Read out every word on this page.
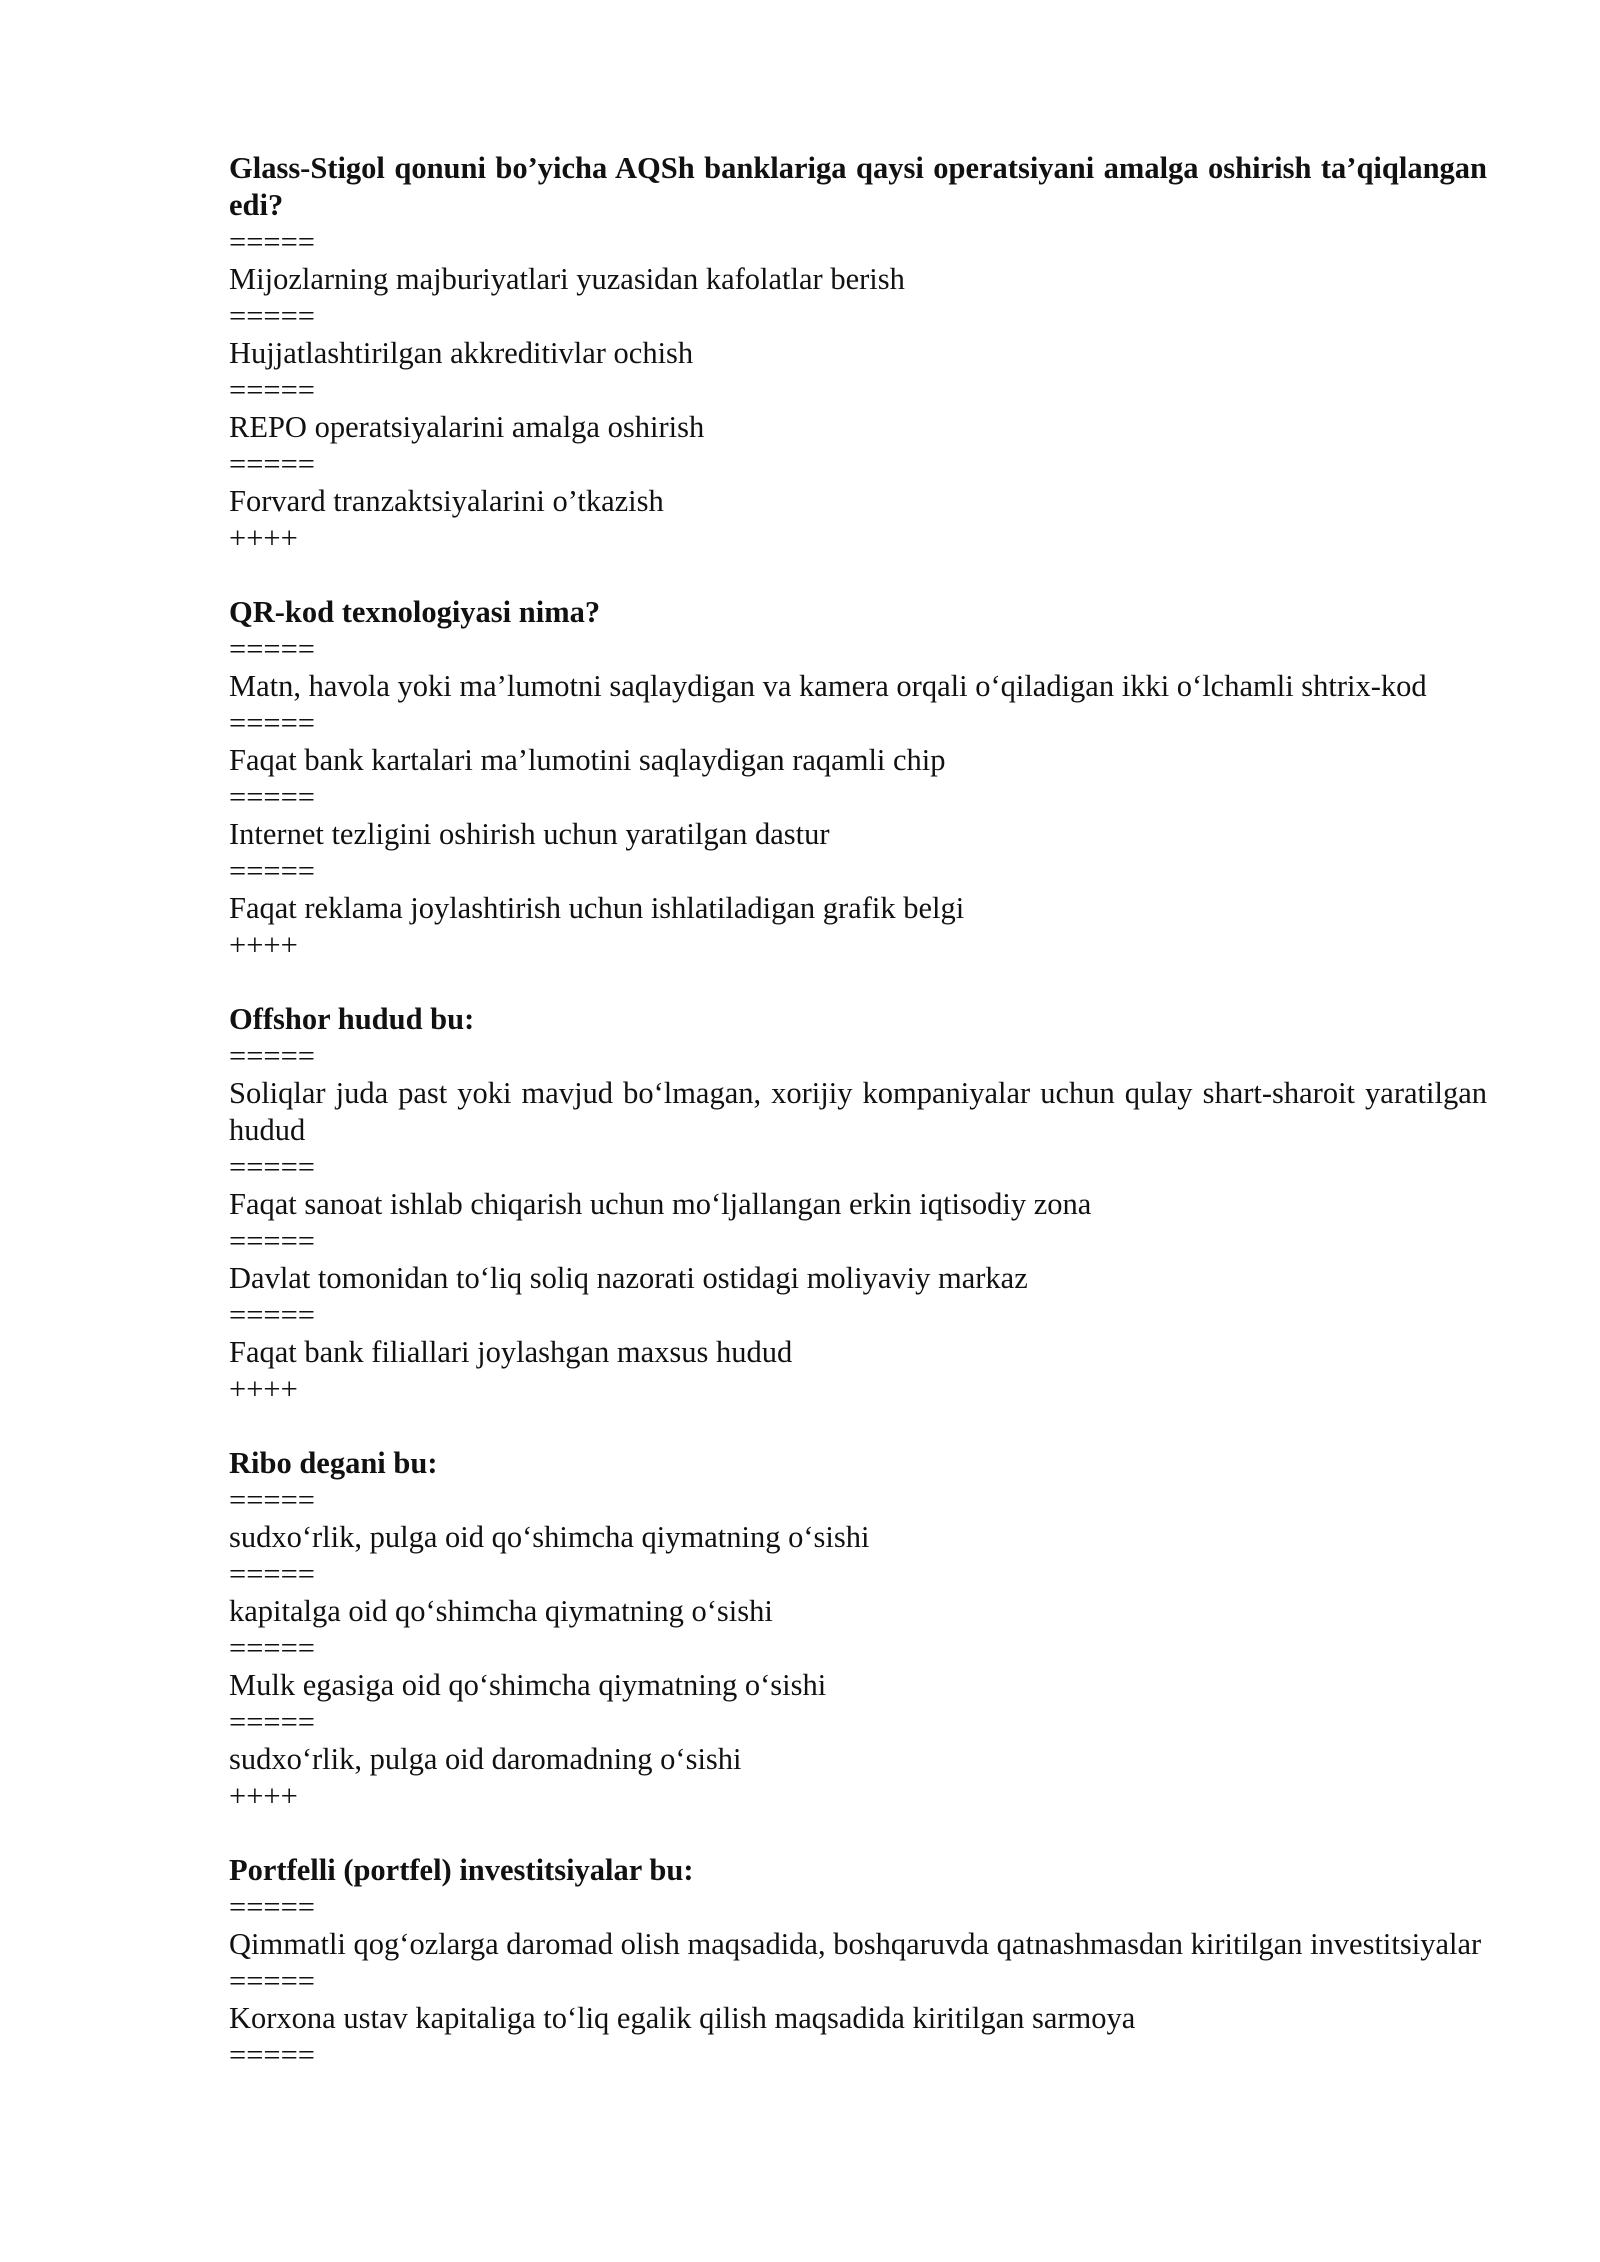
Glass-Stigol qonuni bo’yicha AQSh banklariga qaysi operatsiyani amalga oshirish ta’qiqlangan edi?

=====

Mijozlarning majburiyatlari yuzasidan kafolatlar berish

=====

Hujjatlashtirilgan akkreditivlar ochish

=====

REPO operatsiyalarini amalga oshirish

=====

Forvard tranzaktsiyalarini o’tkazish

++++

QR-kod texnologiyasi nima?

=====

Matn, havola yoki ma’lumotni saqlaydigan va kamera orqali o‘qiladigan ikki o‘lchamli shtrix-kod

=====

Faqat bank kartalari ma’lumotini saqlaydigan raqamli chip

=====

Internet tezligini oshirish uchun yaratilgan dastur

=====

Faqat reklama joylashtirish uchun ishlatiladigan grafik belgi

++++

Offshor hudud bu:

=====

Soliqlar juda past yoki mavjud bo‘lmagan, xorijiy kompaniyalar uchun qulay shart-sharoit yaratilgan hudud

=====

Faqat sanoat ishlab chiqarish uchun mo‘ljallangan erkin iqtisodiy zona

=====

Davlat tomonidan to‘liq soliq nazorati ostidagi moliyaviy markaz

=====

Faqat bank filiallari joylashgan maxsus hudud

++++

Ribo degani bu:

=====

sudxo‘rlik, pulga oid qo‘shimcha qiymatning o‘sishi

=====

kapitalga oid qo‘shimcha qiymatning o‘sishi

=====

Mulk egasiga oid qo‘shimcha qiymatning o‘sishi

=====

sudxo‘rlik, pulga oid daromadning o‘sishi

++++

Portfelli (portfel) investitsiyalar bu:

=====

Qimmatli qog‘ozlarga daromad olish maqsadida, boshqaruvda qatnashmasdan kiritilgan investitsiyalar

=====

Korxona ustav kapitaliga to‘liq egalik qilish maqsadida kiritilgan sarmoya

=====
